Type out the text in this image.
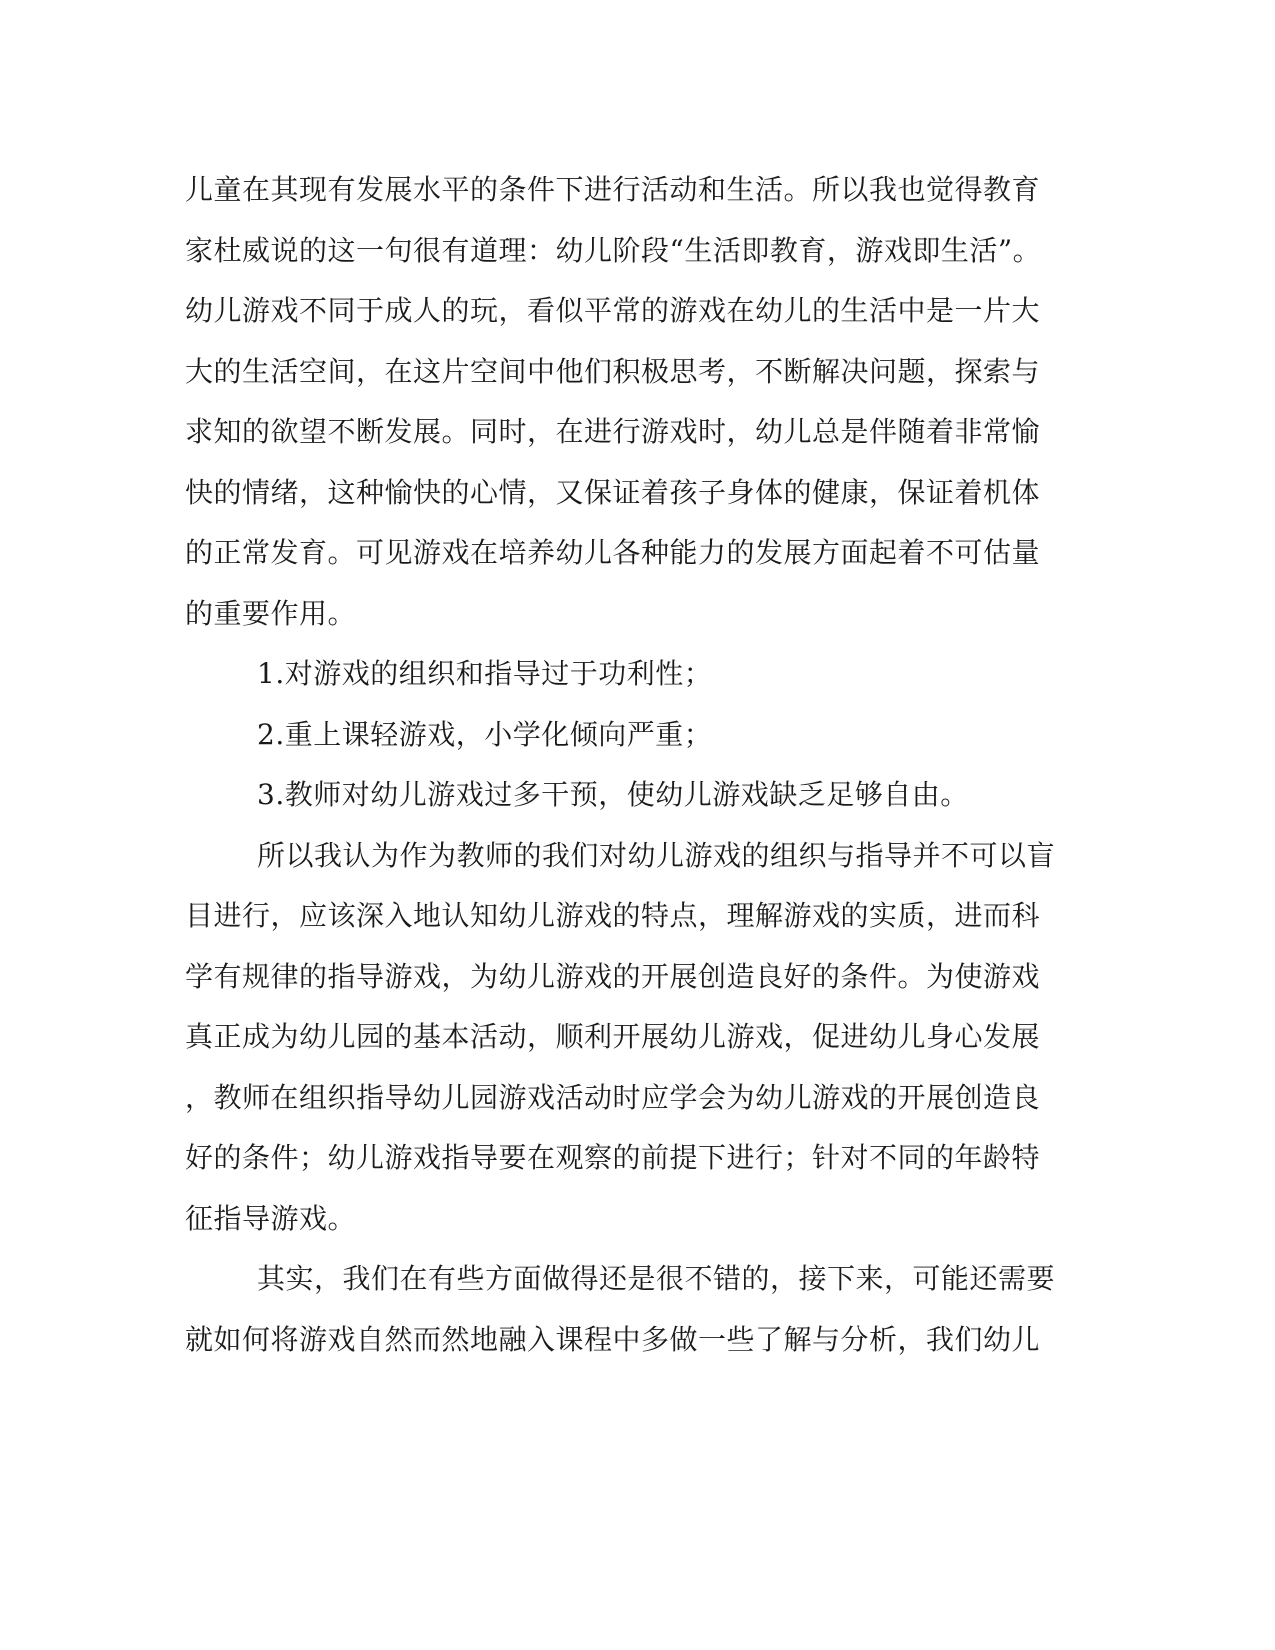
儿童在其现有发展水平的条件下进行活动和生活。所以我也觉得教育
家杜威说的这一句很有道理：幼儿阶段“生活即教育，游戏即生活”。
幼儿游戏不同于成人的玩，看似平常的游戏在幼儿的生活中是一片大
大的生活空间，在这片空间中他们积极思考，不断解决问题，探索与
求知的欲望不断发展。同时，在进行游戏时，幼儿总是伴随着非常愉
快的情绪，这种愉快的心情，又保证着孩子身体的健康，保证着机体
的正常发育。可见游戏在培养幼儿各种能力的发展方面起着不可估量
的重要作用。
1.对游戏的组织和指导过于功利性；
2.重上课轻游戏，小学化倾向严重；
3.教师对幼儿游戏过多干预，使幼儿游戏缺乏足够自由。
所以我认为作为教师的我们对幼儿游戏的组织与指导并不可以盲
目进行，应该深入地认知幼儿游戏的特点，理解游戏的实质，进而科
学有规律的指导游戏，为幼儿游戏的开展创造良好的条件。为使游戏
真正成为幼儿园的基本活动，顺利开展幼儿游戏，促进幼儿身心发展
，教师在组织指导幼儿园游戏活动时应学会为幼儿游戏的开展创造良
好的条件；幼儿游戏指导要在观察的前提下进行；针对不同的年龄特
征指导游戏。
其实，我们在有些方面做得还是很不错的，接下来，可能还需要
就如何将游戏自然而然地融入课程中多做一些了解与分析，我们幼儿
